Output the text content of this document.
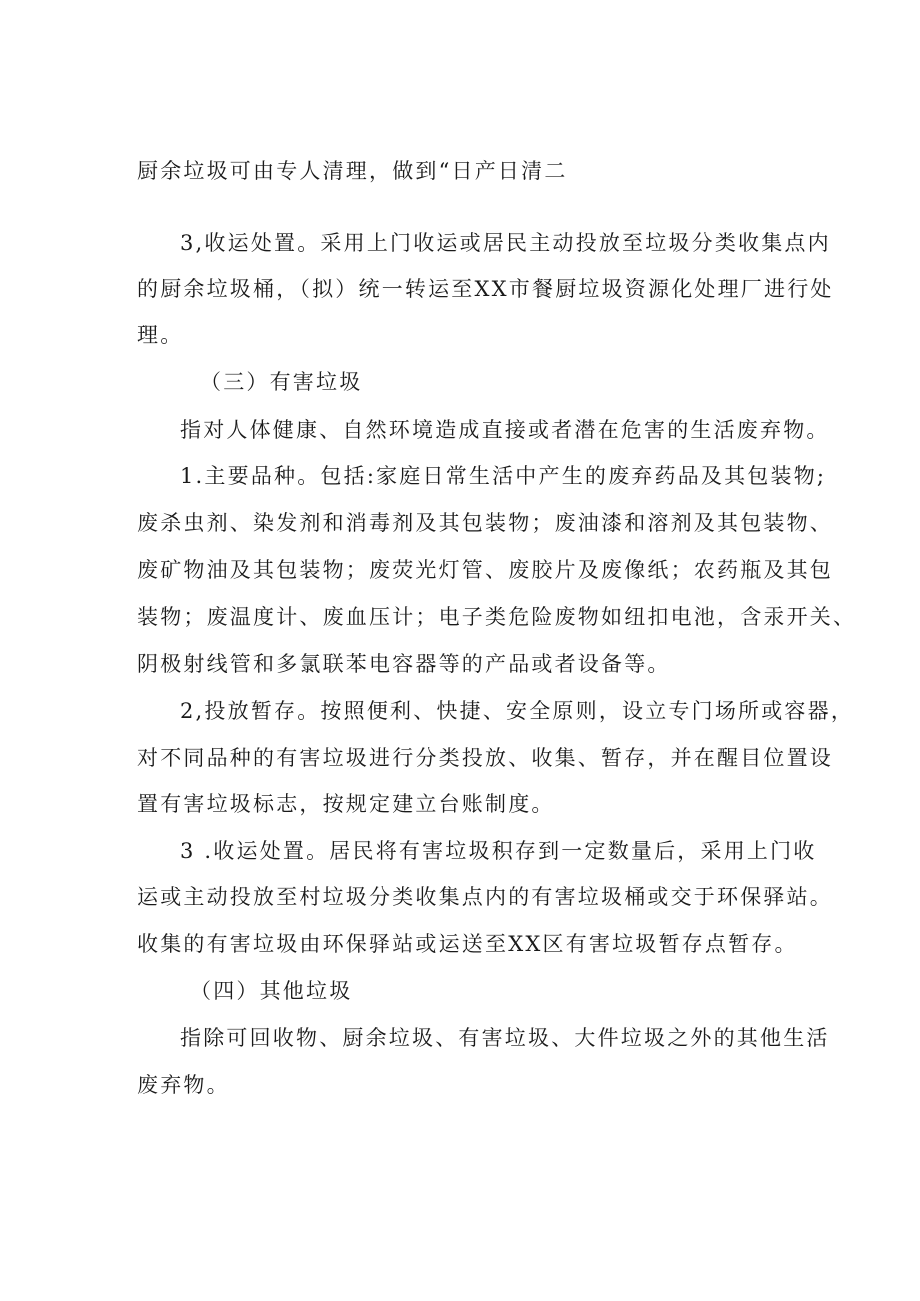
厨余垃圾可由专人清理，做到“日产日清二
3,收运处置。采用上门收运或居民主动投放至垃圾分类收集点内
的厨余垃圾桶，（拟）统一转运至XX市餐厨垃圾资源化处理厂进行处
理。
（三）有害垃圾
指对人体健康、自然环境造成直接或者潜在危害的生活废弃物。
1.主要品种。包括:家庭日常生活中产生的废弃药品及其包装物;
废杀虫剂、染发剂和消毒剂及其包装物；废油漆和溶剂及其包装物、
废矿物油及其包装物；废荧光灯管、废胶片及废像纸；农药瓶及其包
装物；废温度计、废血压计；电子类危险废物如纽扣电池，含汞开关、
阴极射线管和多氯联苯电容器等的产品或者设备等。
2,投放暂存。按照便利、快捷、安全原则，设立专门场所或容器，
对不同品种的有害垃圾进行分类投放、收集、暂存，并在醒目位置设
置有害垃圾标志，按规定建立台账制度。
3 .收运处置。居民将有害垃圾积存到一定数量后，采用上门收
运或主动投放至村垃圾分类收集点内的有害垃圾桶或交于环保驿站。
收集的有害垃圾由环保驿站或运送至XX区有害垃圾暂存点暂存。
（四）其他垃圾
指除可回收物、厨余垃圾、有害垃圾、大件垃圾之外的其他生活
废弃物。
